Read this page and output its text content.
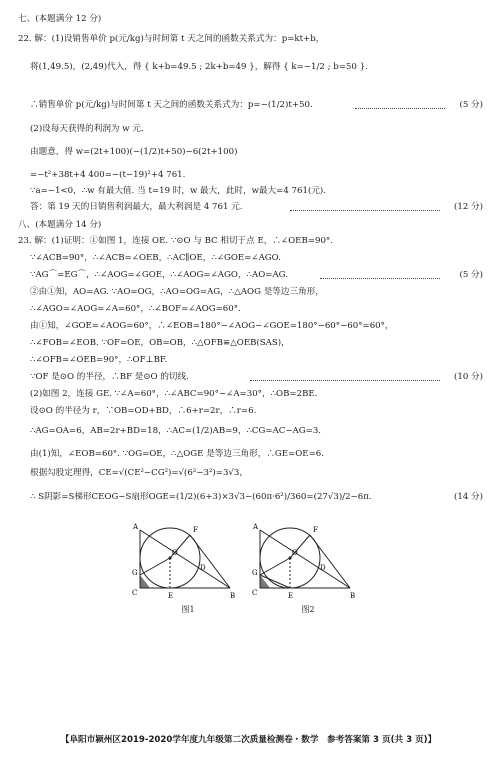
七、(本题满分 12 分)
22. 解：(1)设销售单价 p(元/kg)与时间第 t 天之间的函数关系式为：p=kt+b，
将(1,49.5)，(2,49)代入，得 { k+b=49.5 ; 2k+b=49 }，解得 { k=−1/2 ; b=50 }.
∴销售单价 p(元/kg)与时间第 t 天之间的函数关系式为：p=−(1/2)t+50.	(5 分)
(2)设每天获得的利润为 w 元.
由题意，得 w=(2t+100)(−(1/2)t+50)−6(2t+100)
=−t²+38t+4 400=−(t−19)²+4 761.
∵a=−1<0，∴w 有最大值. 当 t=19 时，w 最大，此时，w最大=4 761(元).
答：第 19 天的日销售利润最大，最大利润是 4 761 元.	(12 分)
八、(本题满分 14 分)
23. 解：(1)证明：①如图 1，连接 OE. ∵⊙O 与 BC 相切于点 E，∴∠OEB=90°.
∵∠ACB=90°，∴∠ACB=∠OEB，∴AC∥OE，∴∠GOE=∠AGO.
∵AG⌒=EG⌒，∴∠AOG=∠GOE，∴∠AOG=∠AGO，∴AO=AG.	(5 分)
②由①知，AO=AG. ∵AO=OG，∴AO=OG=AG，∴△AOG 是等边三角形，
∴∠AGO=∠AOG=∠A=60°，∴∠BOF=∠AOG=60°.
由①知，∠GOE=∠AOG=60°，∴∠EOB=180°−∠AOG−∠GOE=180°−60°−60°=60°，
∴∠FOB=∠EOB. ∵OF=OE，OB=OB，∴△OFB≌△OEB(SAS)，
∴∠OFB=∠OEB=90°，∴OF⊥BF.
∵OF 是⊙O 的半径，∴BF 是⊙O 的切线.	(10 分)
(2)如图 2，连接 GE. ∵∠A=60°，∴∠ABC=90°−∠A=30°，∴OB=2BE.
设⊙O 的半径为 r，∵OB=OD+BD，∴6+r=2r，∴r=6.
∴AG=OA=6，AB=2r+BD=18，∴AC=(1/2)AB=9，∴CG=AC−AG=3.
由(1)知，∠EOB=60°. ∵OG=OE，∴△OGE 是等边三角形，∴GE=OE=6.
根据勾股定理得，CE=√(CE²−CG²)=√(6²−3²)=3√3，
∴ S阴影=S梯形CEOG−S扇形OGE=(1/2)(6+3)×3√3−(60π·6²)/360=(27√3)/2−6π.	(14 分)
A	F
O
G
D
C	E	B
图1
A	F
O
G
D
C	E	B
图2
【阜阳市颍州区2019-2020学年度九年级第二次质量检测卷・数学　参考答案第 3 页(共 3 页)】
